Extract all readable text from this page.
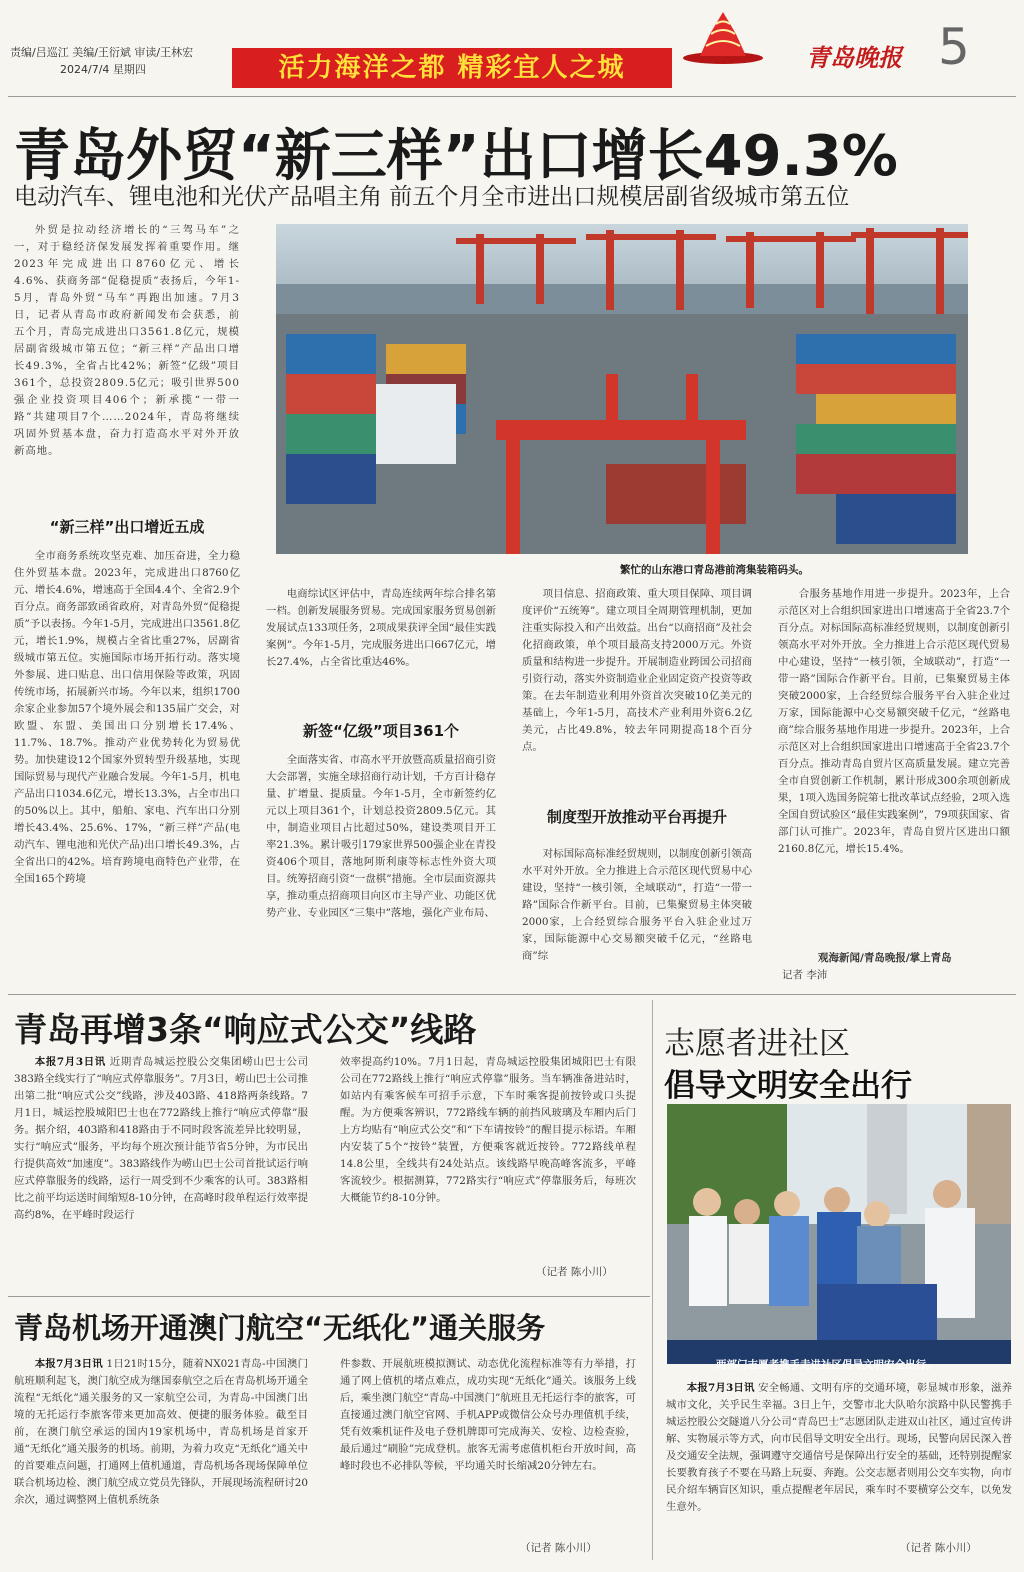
责编/吕巡江 美编/王衍斌 审读/王林宏
2024/7/4 星期四	活力海洋之都 精彩宜人之城	青岛晚报 5
青岛外贸“新三样”出口增长49.3%
电动汽车、锂电池和光伏产品唱主角 前五个月全市进出口规模居副省级城市第五位
外贸是拉动经济增长的“三驾马车”之一，对于稳经济保发展发挥着重要作用。继2023年完成进出口8760亿元、增长4.6%、获商务部“促稳提质”表扬后，今年1-5月，青岛外贸“马车”再跑出加速。7月3日，记者从青岛市政府新闻发布会获悉，前五个月，青岛完成进出口3561.8亿元，规模居副省级城市第五位；“新三样”产品出口增长49.3%，全省占比42%；新签“亿级”项目361个，总投资2809.5亿元；吸引世界500强企业投资项目406个；新承揽“一带一路”共建项目7个……2024年，青岛将继续巩固外贸基本盘，奋力打造高水平对外开放新高地。
“新三样”出口增近五成
全市商务系统攻坚克难、加压奋进，全力稳住外贸基本盘。2023年，完成进出口8760亿元、增长4.6%，增速高于全国4.4个、全省2.9个百分点。商务部致函省政府，对青岛外贸“促稳提质”予以表扬。今年1-5月，完成进出口3561.8亿元，增长1.9%，规模占全省比重27%，居副省级城市第五位。实施国际市场开拓行动。落实境外参展、进口贴息、出口信用保险等政策，巩固传统市场，拓展新兴市场。今年以来，组织1700余家企业参加57个境外展会和135届广交会，对欧盟、东盟、美国出口分别增长17.4%、11.7%、18.7%。推动产业优势转化为贸易优势。加快建设12个国家外贸转型升级基地，实现国际贸易与现代产业融合发展。今年1-5月，机电产品出口1034.6亿元，增长13.3%，占全市出口的50%以上。其中，船舶、家电、汽车出口分别增长43.4%、25.6%、17%，“新三样”产品(电动汽车、锂电池和光伏产品)出口增长49.3%，占全省出口的42%。培育跨境电商特色产业带，在全国165个跨境
繁忙的山东港口青岛港前湾集装箱码头。
电商综试区评估中，青岛连续两年综合排名第一档。创新发展服务贸易。完成国家服务贸易创新发展试点133项任务，2项成果获评全国“最佳实践案例”。今年1-5月，完成服务进出口667亿元，增长27.4%，占全省比重达46%。
新签“亿级”项目361个
全面落实省、市高水平开放暨高质量招商引资大会部署，实施全球招商行动计划，千方百计稳存量、扩增量、提质量。今年1-5月，全市新签约亿元以上项目361个，计划总投资2809.5亿元。其中，制造业项目占比超过50%，建设类项目开工率21.3%。累计吸引179家世界500强企业在青投资406个项目，落地阿斯利康等标志性外资大项目。统筹招商引资“一盘棋”措施。全市层面资源共享，推动重点招商项目向区市主导产业、功能区优势产业、专业园区“三集中”落地，强化产业布局、
项目信息、招商政策、重大项目保障、项目调度评价“五统筹”。建立项目全周期管理机制，更加注重实际投入和产出效益。出台“以商招商”及社会化招商政策，单个项目最高支持2000万元。外资质量和结构进一步提升。开展制造业跨国公司招商引资行动，落实外资制造业企业固定资产投资等政策。在去年制造业利用外资首次突破10亿美元的基础上，今年1-5月，高技术产业利用外资6.2亿美元，占比49.8%，较去年同期提高18个百分点。
制度型开放推动平台再提升
对标国际高标准经贸规则，以制度创新引领高水平对外开放。全力推进上合示范区现代贸易中心建设，坚持“一核引领，全域联动”，打造“一带一路”国际合作新平台。目前，已集聚贸易主体突破2000家，上合经贸综合服务平台入驻企业过万家，国际能源中心交易额突破千亿元，“丝路电商”综
合服务基地作用进一步提升。2023年，上合示范区对上合组织国家进出口增速高于全省23.7个百分点。对标国际高标准经贸规则，以制度创新引领高水平对外开放。全力推进上合示范区现代贸易中心建设，坚持“一核引领，全域联动”，打造“一带一路”国际合作新平台。目前，已集聚贸易主体突破2000家，上合经贸综合服务平台入驻企业过万家，国际能源中心交易额突破千亿元，“丝路电商”综合服务基地作用进一步提升。2023年，上合示范区对上合组织国家进出口增速高于全省23.7个百分点。推动青岛自贸片区高质量发展。建立完善全市自贸创新工作机制，累计形成300余项创新成果，1项入选国务院第七批改革试点经验，2项入选全国自贸试验区“最佳实践案例”，79项获国家、省部门认可推广。2023年，青岛自贸片区进出口额2160.8亿元，增长15.4%。
观海新闻/青岛晚报/掌上青岛
记者 李沛
青岛再增3条“响应式公交”线路
本报7月3日讯 近期青岛城运控股公交集团崂山巴士公司383路全线实行了“响应式停靠服务”。7月3日，崂山巴士公司推出第二批“响应式公交”线路，涉及403路、418路两条线路。7月1日，城运控股城阳巴士也在772路线上推行“响应式停靠”服务。据介绍，403路和418路由于不同时段客流差异比较明显，实行“响应式”服务，平均每个班次预计能节省5分钟，为市民出行提供高效“加速度”。383路线作为崂山巴士公司首批试运行响应式停靠服务的线路，运行一周受到不少乘客的认可。383路相比之前平均运送时间缩短8-10分钟，在高峰时段单程运行效率提高约8%，在平峰时段运行
效率提高约10%。7月1日起，青岛城运控股集团城阳巴士有限公司在772路线上推行“响应式停靠”服务。当车辆准备进站时，如站内有乘客候车可招手示意，下车时乘客提前按铃或口头提醒。为方便乘客辨识，772路线车辆的前挡风玻璃及车厢内后门上方均贴有“响应式公交”和“下车请按铃”的醒目提示标语。车厢内安装了5个“按铃”装置，方便乘客就近按铃。772路线单程14.8公里，全线共有24处站点。该线路早晚高峰客流多，平峰客流较少。根据测算，772路实行“响应式”停靠服务后，每班次大概能节约8-10分钟。
（记者 陈小川）
青岛机场开通澳门航空“无纸化”通关服务
本报7月3日讯 1日21时15分，随着NX021青岛-中国澳门航班顺利起飞，澳门航空成为继国泰航空之后在青岛机场开通全流程“无纸化”通关服务的又一家航空公司，为青岛-中国澳门出境的无托运行李旅客带来更加高效、便捷的服务体验。截至目前，在澳门航空承运的国内19家机场中，青岛机场是首家开通“无纸化”通关服务的机场。前期，为着力攻克“无纸化”通关中的首要难点问题，打通网上值机通道，青岛机场各现场保障单位联合机场边检、澳门航空成立党员先锋队，开展现场流程研讨20余次，通过调整网上值机系统条
件参数、开展航班模拟测试、动态优化流程标准等有力举措，打通了网上值机的堵点难点，成功实现“无纸化”通关。该服务上线后，乘坐澳门航空“青岛-中国澳门”航班且无托运行李的旅客，可直接通过澳门航空官网、手机APP或微信公众号办理值机手续，凭有效乘机证件及电子登机牌即可完成海关、安检、边检查验，最后通过“刷脸”完成登机。旅客无需考虑值机柜台开放时间，高峰时段也不必排队等候，平均通关时长缩减20分钟左右。
（记者 陈小川）
志愿者进社区
倡导文明安全出行
两部门志愿者携手走进社区倡导文明安全出行。
本报7月3日讯 安全畅通、文明有序的交通环境，彰显城市形象，滋养城市文化，关乎民生幸福。3日上午，交警市北大队哈尔滨路中队民警携手城运控股公交隧道八分公司“青岛巴士”志愿团队走进双山社区，通过宣传讲解、实物展示等方式，向市民倡导文明安全出行。现场，民警向居民深入普及交通安全法规，强调遵守交通信号是保障出行安全的基础，还特别提醒家长要教育孩子不要在马路上玩耍、奔跑。公交志愿者则用公交车实物，向市民介绍车辆盲区知识，重点提醒老年居民，乘车时不要横穿公交车，以免发生意外。
（记者 陈小川）
